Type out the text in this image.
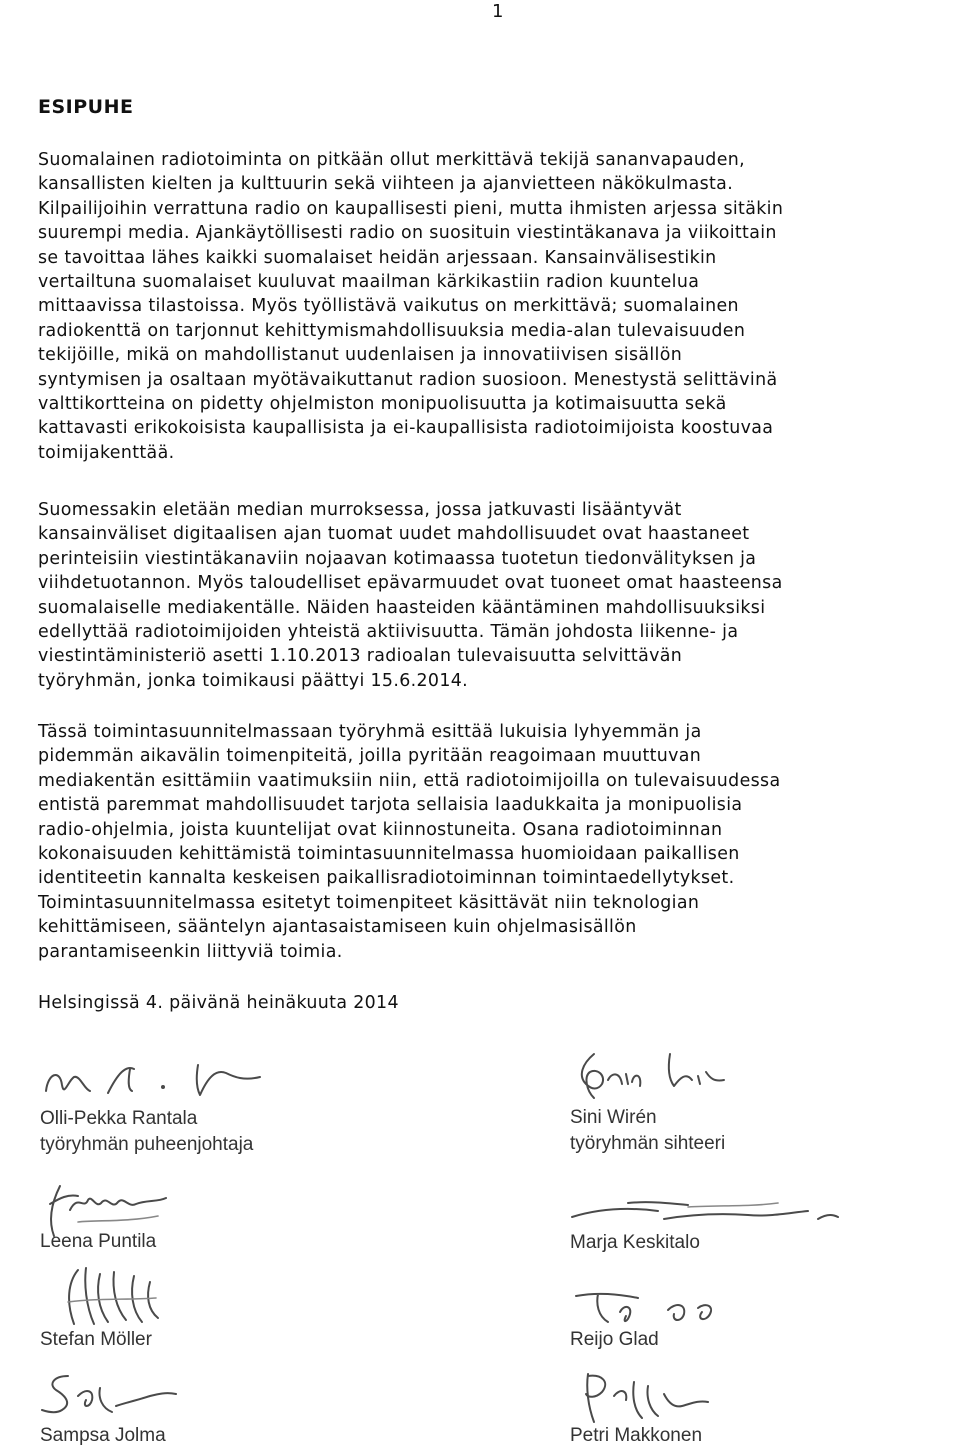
1
ESIPUHE

Suomalainen radiotoiminta on pitkään ollut merkittävä tekijä sananvapauden,
kansallisten kielten ja kulttuurin sekä viihteen ja ajanvietteen näkökulmasta.
Kilpailijoihin verrattuna radio on kaupallisesti pieni, mutta ihmisten arjessa sitäkin
suurempi media. Ajankäytöllisesti radio on suosituin viestintäkanava ja viikoittain
se tavoittaa lähes kaikki suomalaiset heidän arjessaan. Kansainvälisestikin
vertailtuna suomalaiset kuuluvat maailman kärkikastiin radion kuuntelua
mittaavissa tilastoissa. Myös työllistävä vaikutus on merkittävä; suomalainen
radiokenttä on tarjonnut kehittymismahdollisuuksia media-alan tulevaisuuden
tekijöille, mikä on mahdollistanut uudenlaisen ja innovatiivisen sisällön
syntymisen ja osaltaan myötävaikuttanut radion suosioon. Menestystä selittävinä
valttikortteina on pidetty ohjelmiston monipuolisuutta ja kotimaisuutta sekä
kattavasti erikokoisista kaupallisista ja ei-kaupallisista radiotoimijoista koostuvaa
toimijakenttää.

Suomessakin eletään median murroksessa, jossa jatkuvasti lisääntyvät
kansainväliset digitaalisen ajan tuomat uudet mahdollisuudet ovat haastaneet
perinteisiin viestintäkanaviin nojaavan kotimaassa tuotetun tiedonvälityksen ja
viihdetuotannon. Myös taloudelliset epävarmuudet ovat tuoneet omat haasteensa
suomalaiselle mediakentälle. Näiden haasteiden kääntäminen mahdollisuuksiksi
edellyttää radiotoimijoiden yhteistä aktiivisuutta. Tämän johdosta liikenne- ja
viestintäministeriö asetti 1.10.2013 radioalan tulevaisuutta selvittävän
työryhmän, jonka toimikausi päättyi 15.6.2014.

Tässä toimintasuunnitelmassaan työryhmä esittää lukuisia lyhyemmän ja
pidemmän aikavälin toimenpiteitä, joilla pyritään reagoimaan muuttuvan
mediakentän esittämiin vaatimuksiin niin, että radiotoimijoilla on tulevaisuudessa
entistä paremmat mahdollisuudet tarjota sellaisia laadukkaita ja monipuolisia
radio-ohjelmia, joista kuuntelijat ovat kiinnostuneita. Osana radiotoiminnan
kokonaisuuden kehittämistä toimintasuunnitelmassa huomioidaan paikallisen
identiteetin kannalta keskeisen paikallisradiotoiminnan toimintaedellytykset.
Toimintasuunnitelmassa esitetyt toimenpiteet käsittävät niin teknologian
kehittämiseen, sääntelyn ajantasaistamiseen kuin ohjelmasisällön
parantamiseenkin liittyviä toimia.

Helsingissä 4. päivänä heinäkuuta 2014

Olli-Pekka Rantala
työryhmän puheenjohtaja
Sini Wirén
työryhmän sihteeri
Leena Puntila	Marja Keskitalo
Stefan Möller	Reijo Glad
Sampsa Jolma	Petri Makkonen
